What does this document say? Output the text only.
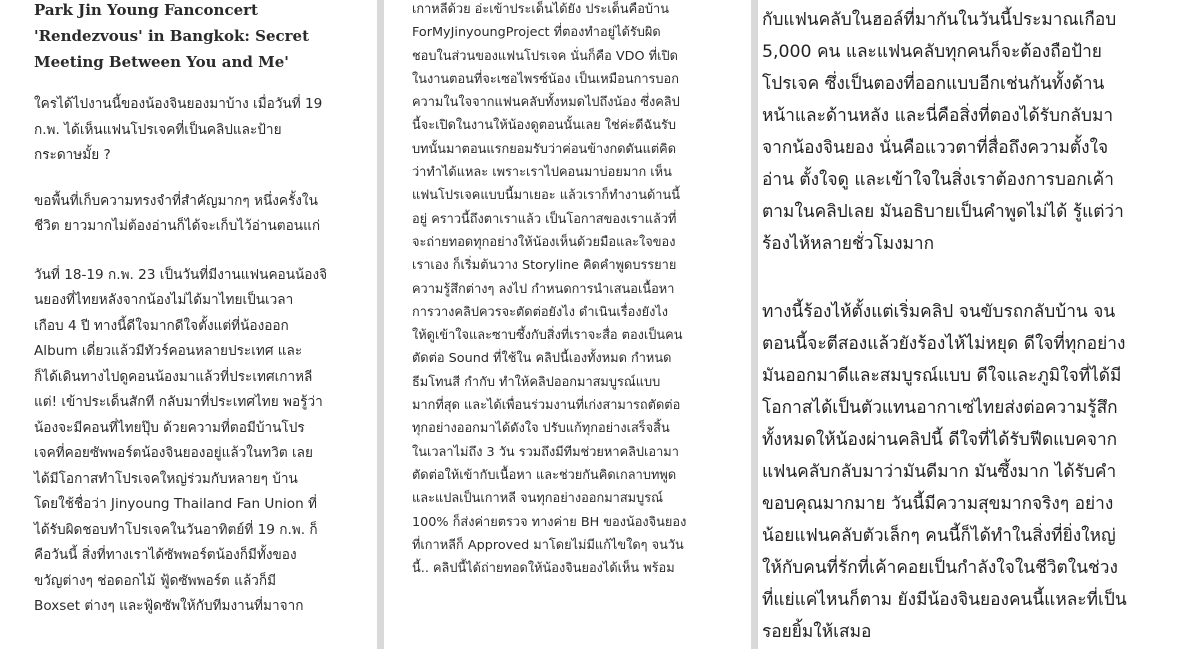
Park Jin Young Fanconcert 'Rendezvous' in Bangkok: Secret Meeting Between You and Me'

ใครได้ไปงานนี้ของน้องจินยองมาบ้าง เมื่อวันที่ 19
ก.พ. ได้เห็นแฟนโปรเจคที่เป็นคลิปและป้าย
กระดาษมั้ย ?

ขอพื้นที่เก็บความทรงจำที่สำคัญมากๆ หนึ่งครั้งใน
ชีวิต ยาวมากไม่ต้องอ่านก็ได้จะเก็บไว้อ่านตอนแก่

วันที่ 18-19 ก.พ. 23 เป็นวันที่มีงานแฟนคอนน้องจิ
นยองที่ไทยหลังจากน้องไม่ได้มาไทยเป็นเวลา
เกือบ 4 ปี ทางนี้ดีใจมากดีใจตั้งแต่ที่น้องออก
Album เดี่ยวแล้วมีทัวร์คอนหลายประเทศ และ
ก็ได้เดินทางไปดูคอนน้องมาแล้วที่ประเทศเกาหลี
แต่! เข้าประเด็นสักที กลับมาที่ประเทศไทย พอรู้ว่า
น้องจะมีคอนที่ไทยปุ๊บ ด้วยความที่ตอมีบ้านโปร
เจคที่คอยซัพพอร์ตน้องจินยองอยู่แล้วในทวิต เลย
ได้มีโอกาสทำโปรเจคใหญ่ร่วมกับหลายๆ บ้าน
โดยใช้ชื่อว่า Jinyoung Thailand Fan Union ที่
ได้รับผิดชอบทำโปรเจคในวันอาทิตย์ที่ 19 ก.พ. ก็
คือวันนี้ สิ่งที่ทางเราได้ซัพพอร์ตน้องก็มีทั้งของ
ขวัญต่างๆ ช่อดอกไม้ ฟู้ดซัพพอร์ต แล้วก็มี
Boxset ต่างๆ และฟู้ดซัพให้กับทีมงานที่มาจาก

เกาหลีด้วย อ่ะเข้าประเด็นได้ยัง ประเด็นคือบ้าน
ForMyJinyoungProject ที่ตองทำอยู่ได้รับผิด
ชอบในส่วนของแฟนโปรเจค นั่นก็คือ VDO ที่เปิด
ในงานตอนที่จะเซอไพรซ์น้อง เป็นเหมือนการบอก
ความในใจจากแฟนคลับทั้งหมดไปถึงน้อง ซึ่งคลิป
นี้จะเปิดในงานให้น้องดูตอนนั้นเลย ใช่ค่ะดีฉันรับ
บทนั้นมาตอนแรกยอมรับว่าค่อนข้างกดดันแต่คิด
ว่าทำได้แหละ เพราะเราไปคอนมาบ่อยมาก เห็น
แฟนโปรเจคแบบนี้มาเยอะ แล้วเราก็ทำงานด้านนี้
อยู่ คราวนี้ถึงตาเราแล้ว เป็นโอกาสของเราแล้วที่
จะถ่ายทอดทุกอย่างให้น้องเห็นด้วยมือและใจของ
เราเอง ก็เริ่มต้นวาง Storyline คิดคำพูดบรรยาย
ความรู้สึกต่างๆ ลงไป กำหนดการนำเสนอเนื้อหา
การวางคลิปควรจะตัดต่อยังไง ดำเนินเรื่องยังไง
ให้ดูเข้าใจและซาบซึ้งกับสิ่งที่เราจะสื่อ ตองเป็นคน
ตัดต่อ Sound ที่ใช้ใน คลิปนี้เองทั้งหมด กำหนด
ธีมโทนสี กำกับ ทำให้คลิปออกมาสมบูรณ์แบบ
มากที่สุด และได้เพื่อนร่วมงานที่เก่งสามารถตัดต่อ
ทุกอย่างออกมาได้ดังใจ ปรับแก้ทุกอย่างเสร็จสิ้น
ในเวลาไม่ถึง 3 วัน รวมถึงมีทีมช่วยหาคลิปเอามา
ตัดต่อให้เข้ากับเนื้อหา และช่วยกันคิดเกลาบทพูด
และแปลเป็นเกาหลี จนทุกอย่างออกมาสมบูรณ์
100% ก็ส่งค่ายตรวจ ทางค่าย BH ของน้องจินยอง
ที่เกาหลีก็ Approved มาโดยไม่มีแก้ไขใดๆ จนวัน
นี้.. คลิปนี้ได้ถ่ายทอดให้น้องจินยองได้เห็น พร้อม

กับแฟนคลับในฮอล์ที่มากันในวันนี้ประมาณเกือบ
5,000 คน และแฟนคลับทุกคนก็จะต้องถือป้าย
โปรเจค ซึ่งเป็นตองที่ออกแบบอีกเช่นกันทั้งด้าน
หน้าและด้านหลัง และนี่คือสิ่งที่ตองได้รับกลับมา
จากน้องจินยอง นั่นคือแววตาที่สื่อถึงความตั้งใจ
อ่าน ตั้งใจดู และเข้าใจในสิ่งเราต้องการบอกเค้า
ตามในคลิปเลย มันอธิบายเป็นคำพูดไม่ได้ รู้แต่ว่า
ร้องไห้หลายชั่วโมงมาก

ทางนี้ร้องไห้ตั้งแต่เริ่มคลิป จนขับรถกลับบ้าน จน
ตอนนี้จะตีสองแล้วยังร้องไห้ไม่หยุด ดีใจที่ทุกอย่าง
มันออกมาดีและสมบูรณ์แบบ ดีใจและภูมิใจที่ได้มี
โอกาสได้เป็นตัวแทนอากาเซ่ไทยส่งต่อความรู้สึก
ทั้งหมดให้น้องผ่านคลิปนี้ ดีใจที่ได้รับฟีดแบคจาก
แฟนคลับกลับมาว่ามันดีมาก มันซึ้งมาก ได้รับคำ
ขอบคุณมากมาย วันนี้มีความสุขมากจริงๆ อย่าง
น้อยแฟนคลับตัวเล็กๆ คนนี้ก็ได้ทำในสิ่งที่ยิ่งใหญ่
ให้กับคนที่รักที่เค้าคอยเป็นกำลังใจในชีวิตในช่วง
ที่แย่แค่ไหนก็ตาม ยังมีน้องจินยองคนนี้แหละที่เป็น
รอยยิ้มให้เสมอ
